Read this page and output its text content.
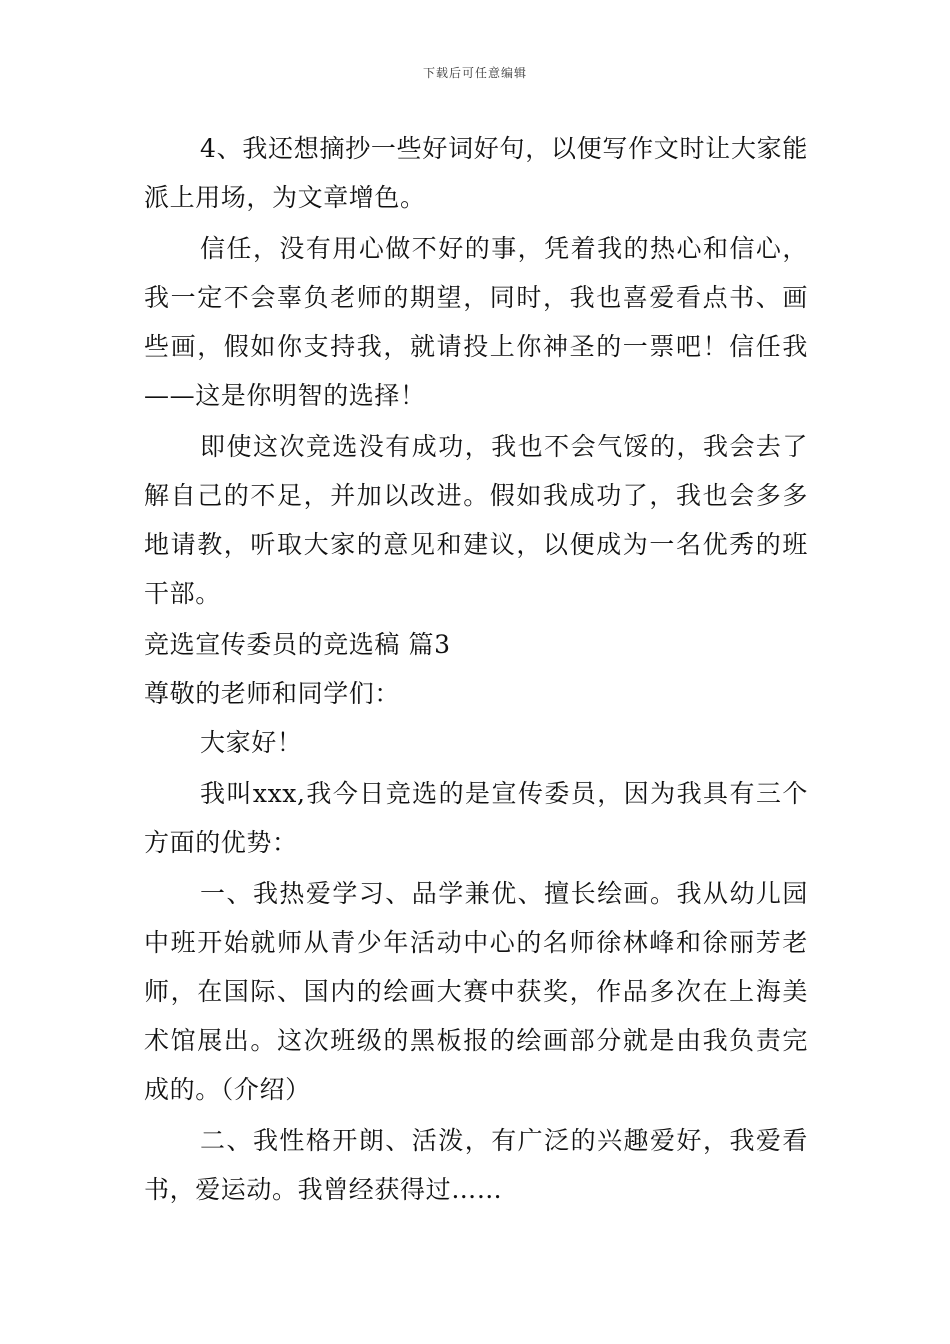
下载后可任意编辑

4、我还想摘抄一些好词好句，以便写作文时让大家能派上用场，为文章增色。

信任，没有用心做不好的事，凭着我的热心和信心，我一定不会辜负老师的期望，同时，我也喜爱看点书、画些画，假如你支持我，就请投上你神圣的一票吧！信任我——这是你明智的选择！

即使这次竞选没有成功，我也不会气馁的，我会去了解自己的不足，并加以改进。假如我成功了，我也会多多地请教，听取大家的意见和建议，以便成为一名优秀的班干部。

竞选宣传委员的竞选稿 篇3

尊敬的老师和同学们：

大家好！

我叫xxx,我今日竞选的是宣传委员，因为我具有三个方面的优势：

一、我热爱学习、品学兼优、擅长绘画。我从幼儿园中班开始就师从青少年活动中心的名师徐林峰和徐丽芳老师，在国际、国内的绘画大赛中获奖，作品多次在上海美术馆展出。这次班级的黑板报的绘画部分就是由我负责完成的。（介绍）

二、我性格开朗、活泼，有广泛的兴趣爱好，我爱看书，爱运动。我曾经获得过……
